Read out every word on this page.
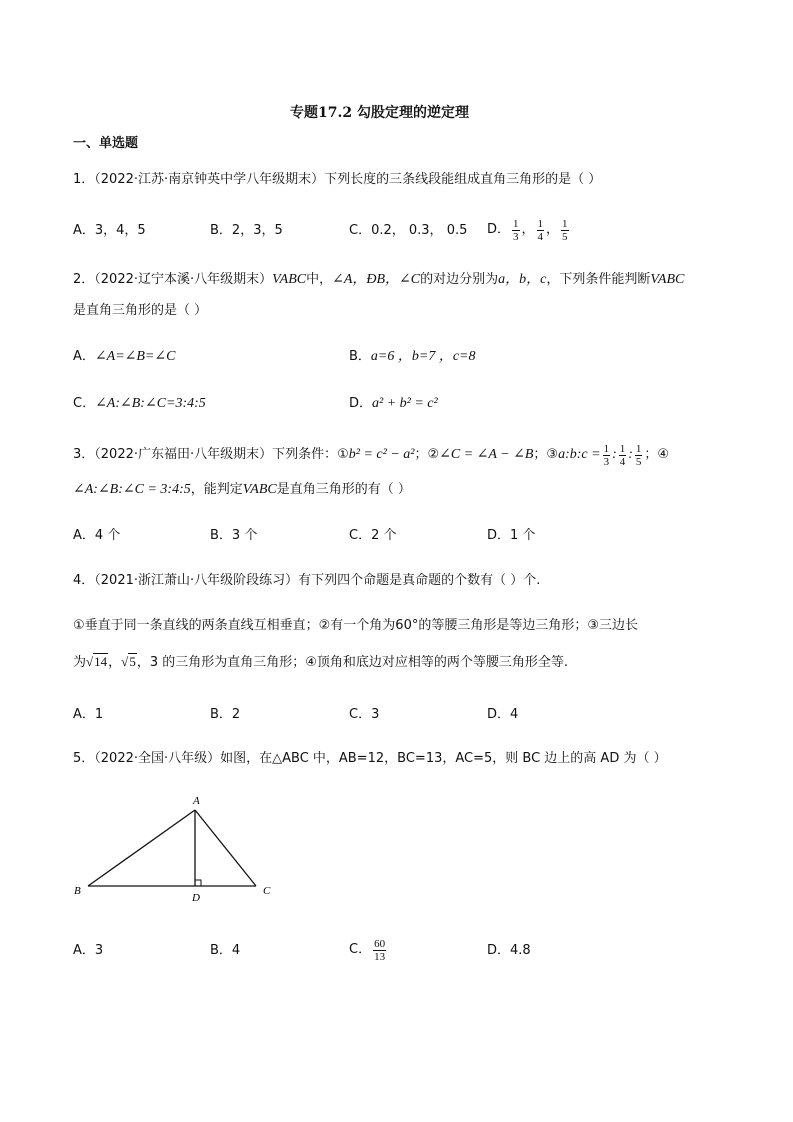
专题17.2 勾股定理的逆定理
一、单选题
1．（2022·江苏·南京钟英中学八年级期末）下列长度的三条线段能组成直角三角形的是（ ）
A．3，4，5	B．2，3，5	C．0.2， 0.3， 0.5 D． $\frac{1}{3}$ ， $\frac{1}{4}$ ， $\frac{1}{5}$
2．（2022·辽宁本溪·八年级期末）VABC中，∠A，ÐB，∠C的对边分别为a，b，c，下列条件能判断VABC
是直角三角形的是（ ）
A．∠A=∠B=∠C	B．a=6 ，b=7 ，c=8
C．∠A:∠B:∠C=3:4:5	D．a² + b² = c²
3．（2022·广东福田·八年级期末）下列条件：① b² = c² − a² ；② ∠C = ∠A − ∠B ；③ a:b:c = $\frac{1}{3}$ : $\frac{1}{4}$ : $\frac{1}{5}$ ；④
∠A:∠B:∠C = 3:4:5，能判定VABC是直角三角形的有（ ）
A．4 个	B．3 个	C．2 个	D．1 个
4．（2021·浙江萧山·八年级阶段练习）有下列四个命题是真命题的个数有（ ）个.
①垂直于同一条直线的两条直线互相垂直；②有一个角为60°的等腰三角形是等边三角形；③三边长
为√14，√5，3 的三角形为直角三角形；④顶角和底边对应相等的两个等腰三角形全等.
A．1	B．2	C．3	D．4
5．（2022·全国·八年级）如图，在△ABC 中，AB=12，BC=13，AC=5，则 BC 边上的高 AD 为（ ）
A
B	C
D
A．3	B．4	C． $\frac{60}{13}$	D．4.8
